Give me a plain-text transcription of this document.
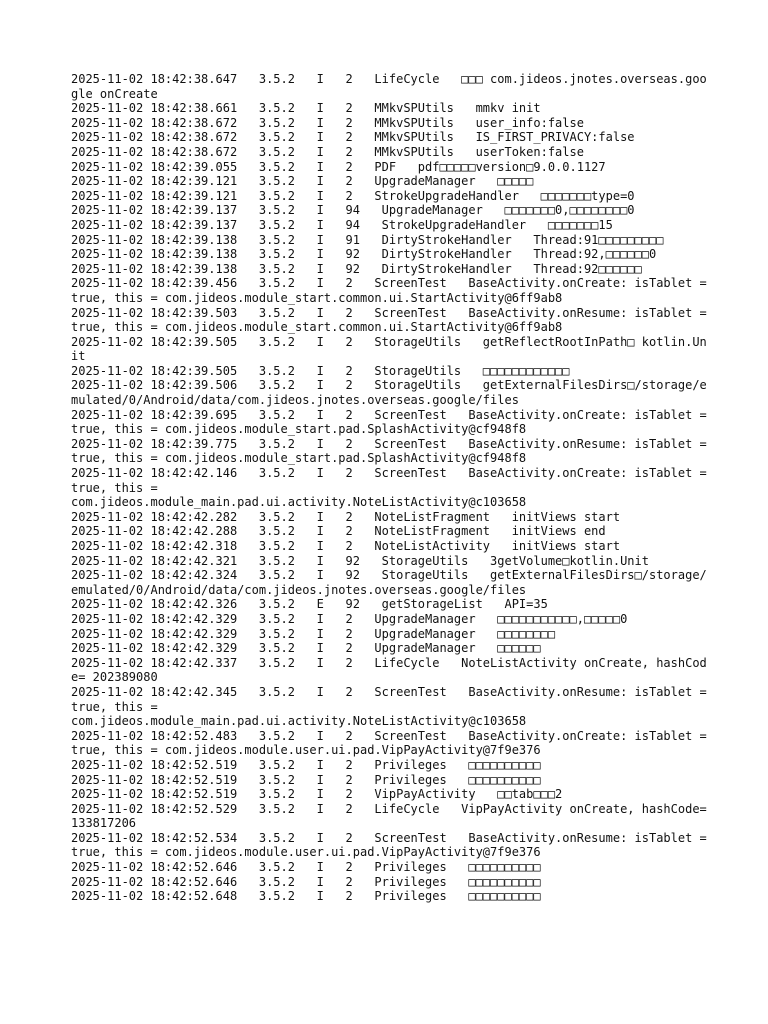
2025-11-02 18:42:38.647   3.5.2   I   2   LifeCycle   □□□ com.jideos.jnotes.overseas.google onCreate
2025-11-02 18:42:38.661   3.5.2   I   2   MMkvSPUtils   mmkv init
2025-11-02 18:42:38.672   3.5.2   I   2   MMkvSPUtils   user_info:false
2025-11-02 18:42:38.672   3.5.2   I   2   MMkvSPUtils   IS_FIRST_PRIVACY:false
2025-11-02 18:42:38.672   3.5.2   I   2   MMkvSPUtils   userToken:false
2025-11-02 18:42:39.055   3.5.2   I   2   PDF   pdf□□□□□version□9.0.0.1127
2025-11-02 18:42:39.121   3.5.2   I   2   UpgradeManager   □□□□□
2025-11-02 18:42:39.121   3.5.2   I   2   StrokeUpgradeHandler   □□□□□□□type=0
2025-11-02 18:42:39.137   3.5.2   I   94   UpgradeManager   □□□□□□□0,□□□□□□□□0
2025-11-02 18:42:39.137   3.5.2   I   94   StrokeUpgradeHandler   □□□□□□□15
2025-11-02 18:42:39.138   3.5.2   I   91   DirtyStrokeHandler   Thread:91□□□□□□□□□
2025-11-02 18:42:39.138   3.5.2   I   92   DirtyStrokeHandler   Thread:92,□□□□□□0
2025-11-02 18:42:39.138   3.5.2   I   92   DirtyStrokeHandler   Thread:92□□□□□□
2025-11-02 18:42:39.456   3.5.2   I   2   ScreenTest   BaseActivity.onCreate: isTablet = true, this = com.jideos.module_start.common.ui.StartActivity@6ff9ab8
2025-11-02 18:42:39.503   3.5.2   I   2   ScreenTest   BaseActivity.onResume: isTablet = true, this = com.jideos.module_start.common.ui.StartActivity@6ff9ab8
2025-11-02 18:42:39.505   3.5.2   I   2   StorageUtils   getReflectRootInPath□ kotlin.Unit
2025-11-02 18:42:39.505   3.5.2   I   2   StorageUtils   □□□□□□□□□□□□
2025-11-02 18:42:39.506   3.5.2   I   2   StorageUtils   getExternalFilesDirs□/storage/emulated/0/Android/data/com.jideos.jnotes.overseas.google/files
2025-11-02 18:42:39.695   3.5.2   I   2   ScreenTest   BaseActivity.onCreate: isTablet = true, this = com.jideos.module_start.pad.SplashActivity@cf948f8
2025-11-02 18:42:39.775   3.5.2   I   2   ScreenTest   BaseActivity.onResume: isTablet = true, this = com.jideos.module_start.pad.SplashActivity@cf948f8
2025-11-02 18:42:42.146   3.5.2   I   2   ScreenTest   BaseActivity.onCreate: isTablet = true, this =
com.jideos.module_main.pad.ui.activity.NoteListActivity@c103658
2025-11-02 18:42:42.282   3.5.2   I   2   NoteListFragment   initViews start
2025-11-02 18:42:42.288   3.5.2   I   2   NoteListFragment   initViews end
2025-11-02 18:42:42.318   3.5.2   I   2   NoteListActivity   initViews start
2025-11-02 18:42:42.321   3.5.2   I   92   StorageUtils   3getVolume□kotlin.Unit
2025-11-02 18:42:42.324   3.5.2   I   92   StorageUtils   getExternalFilesDirs□/storage/emulated/0/Android/data/com.jideos.jnotes.overseas.google/files
2025-11-02 18:42:42.326   3.5.2   E   92   getStorageList   API=35
2025-11-02 18:42:42.329   3.5.2   I   2   UpgradeManager   □□□□□□□□□□□,□□□□□0
2025-11-02 18:42:42.329   3.5.2   I   2   UpgradeManager   □□□□□□□□
2025-11-02 18:42:42.329   3.5.2   I   2   UpgradeManager   □□□□□□
2025-11-02 18:42:42.337   3.5.2   I   2   LifeCycle   NoteListActivity onCreate, hashCode= 202389080
2025-11-02 18:42:42.345   3.5.2   I   2   ScreenTest   BaseActivity.onResume: isTablet = true, this =
com.jideos.module_main.pad.ui.activity.NoteListActivity@c103658
2025-11-02 18:42:52.483   3.5.2   I   2   ScreenTest   BaseActivity.onCreate: isTablet = true, this = com.jideos.module.user.ui.pad.VipPayActivity@7f9e376
2025-11-02 18:42:52.519   3.5.2   I   2   Privileges   □□□□□□□□□□
2025-11-02 18:42:52.519   3.5.2   I   2   Privileges   □□□□□□□□□□
2025-11-02 18:42:52.519   3.5.2   I   2   VipPayActivity   □□tab□□□2
2025-11-02 18:42:52.529   3.5.2   I   2   LifeCycle   VipPayActivity onCreate, hashCode= 133817206
2025-11-02 18:42:52.534   3.5.2   I   2   ScreenTest   BaseActivity.onResume: isTablet = true, this = com.jideos.module.user.ui.pad.VipPayActivity@7f9e376
2025-11-02 18:42:52.646   3.5.2   I   2   Privileges   □□□□□□□□□□
2025-11-02 18:42:52.646   3.5.2   I   2   Privileges   □□□□□□□□□□
2025-11-02 18:42:52.648   3.5.2   I   2   Privileges   □□□□□□□□□□
